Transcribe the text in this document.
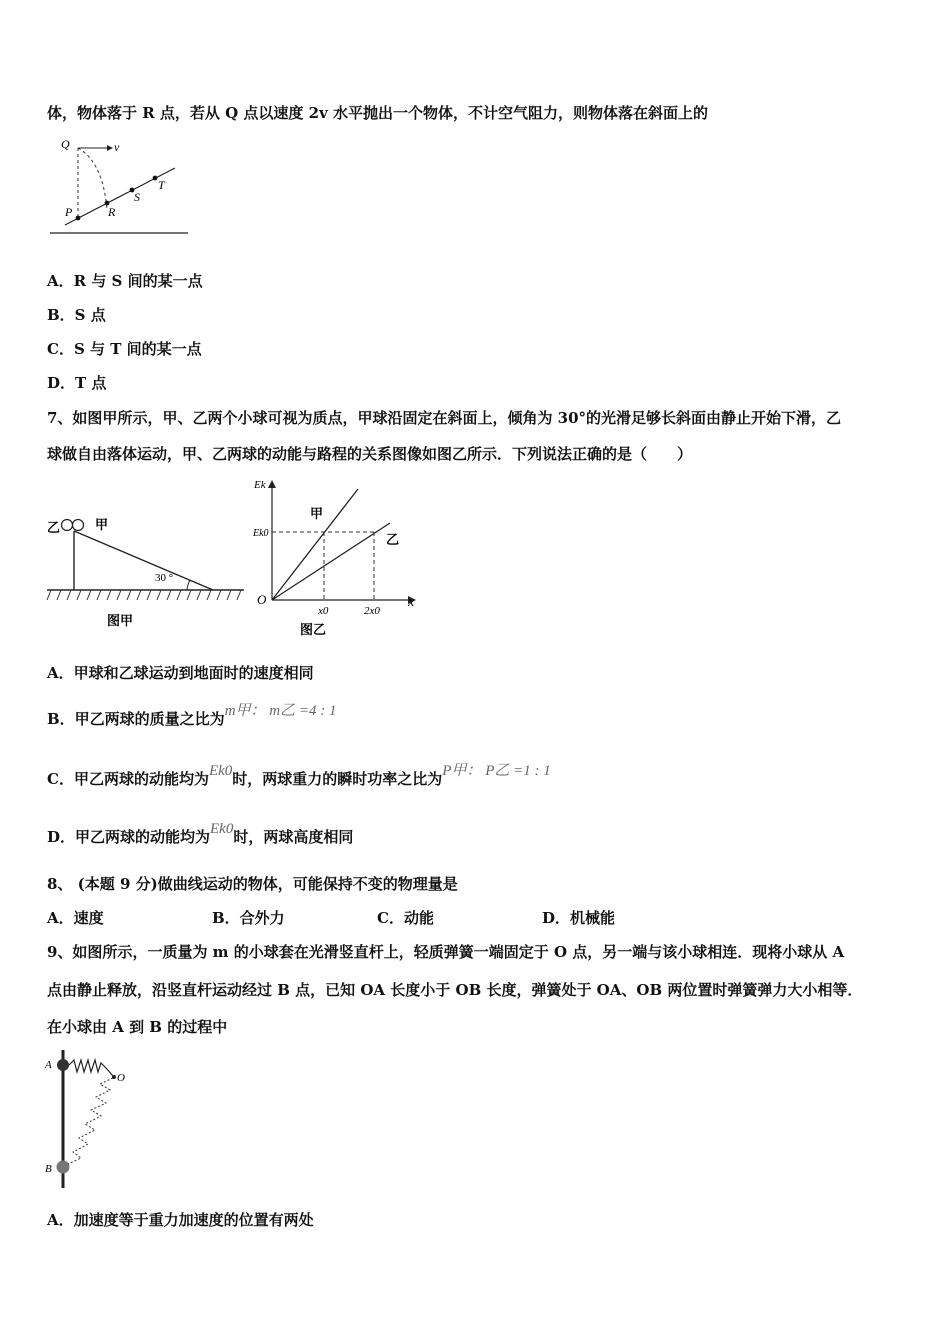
体，物体落于 R 点，若从 Q 点以速度 2v 水平抛出一个物体，不计空气阻力，则物体落在斜面上的
Q	v
P	R
S
T
A．R 与 S 间的某一点
B．S 点
C．S 与 T 间的某一点
D．T 点
7、如图甲所示，甲、乙两个小球可视为质点，甲球沿固定在斜面上，倾角为 30°的光滑足够长斜面由静止开始下滑，乙
球做自由落体运动，甲、乙两球的动能与路程的关系图像如图乙所示．下列说法正确的是（　　）
乙	甲
30 °
图甲
Ek
Ek0
O	x
x0	2x0
甲
乙
图乙
A．甲球和乙球运动到地面时的速度相同
B．甲乙两球的质量之比为m甲： m乙 =4 : 1
C．甲乙两球的动能均为Ek0时，两球重力的瞬时功率之比为P甲： P乙 =1 : 1
D．甲乙两球的动能均为Ek0时，两球高度相同
8、 (本题 9 分)做曲线运动的物体，可能保持不变的物理量是
A．速度	B．合外力	C．动能	D．机械能
9、如图所示，一质量为 m 的小球套在光滑竖直杆上，轻质弹簧一端固定于 O 点，另一端与该小球相连．现将小球从 A
点由静止释放，沿竖直杆运动经过 B 点，已知 OA 长度小于 OB 长度，弹簧处于 OA、OB 两位置时弹簧弹力大小相等．
在小球由 A 到 B 的过程中
A
B
O
A．加速度等于重力加速度的位置有两处
